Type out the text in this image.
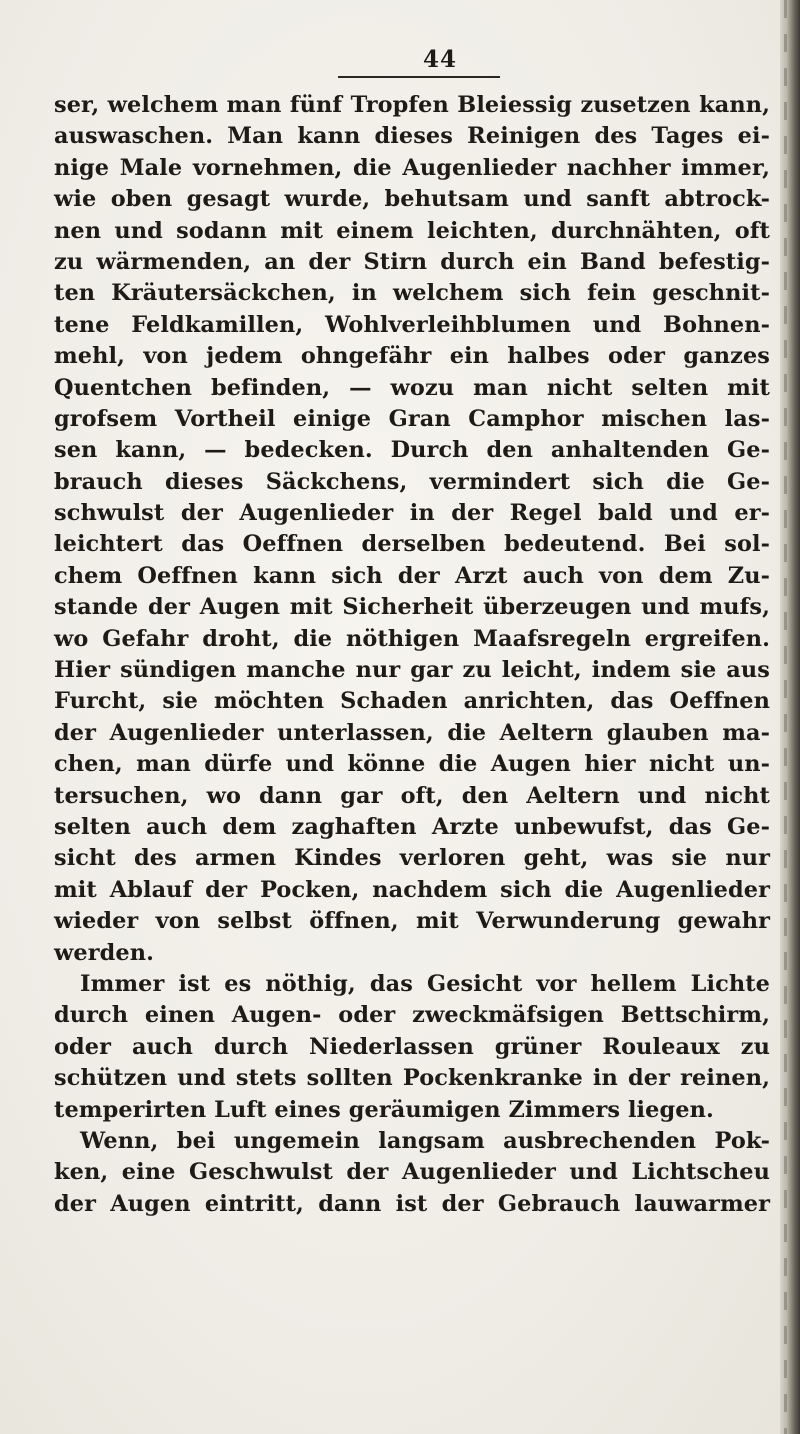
44
ser, welchem man fünf Tropfen Bleiessig zusetzen kann,
auswaschen. Man kann dieses Reinigen des Tages ei-
nige Male vornehmen, die Augenlieder nachher immer,
wie oben gesagt wurde, behutsam und sanft abtrock-
nen und sodann mit einem leichten, durchnähten, oft
zu wärmenden, an der Stirn durch ein Band befestig-
ten Kräutersäckchen, in welchem sich fein geschnit-
tene Feldkamillen, Wohlverleihblumen und Bohnen-
mehl, von jedem ohngefähr ein halbes oder ganzes
Quentchen befinden, — wozu man nicht selten mit
grofsem Vortheil einige Gran Camphor mischen las-
sen kann, — bedecken. Durch den anhaltenden Ge-
brauch dieses Säckchens, vermindert sich die Ge-
schwulst der Augenlieder in der Regel bald und er-
leichtert das Oeffnen derselben bedeutend. Bei sol-
chem Oeffnen kann sich der Arzt auch von dem Zu-
stande der Augen mit Sicherheit überzeugen und mufs,
wo Gefahr droht, die nöthigen Maafsregeln ergreifen.
Hier sündigen manche nur gar zu leicht, indem sie aus
Furcht, sie möchten Schaden anrichten, das Oeffnen
der Augenlieder unterlassen, die Aeltern glauben ma-
chen, man dürfe und könne die Augen hier nicht un-
tersuchen, wo dann gar oft, den Aeltern und nicht
selten auch dem zaghaften Arzte unbewufst, das Ge-
sicht des armen Kindes verloren geht, was sie nur
mit Ablauf der Pocken, nachdem sich die Augenlieder
wieder von selbst öffnen, mit Verwunderung gewahr
werden.
Immer ist es nöthig, das Gesicht vor hellem Lichte
durch einen Augen- oder zweckmäfsigen Bettschirm,
oder auch durch Niederlassen grüner Rouleaux zu
schützen und stets sollten Pockenkranke in der reinen,
temperirten Luft eines geräumigen Zimmers liegen.
Wenn, bei ungemein langsam ausbrechenden Pok-
ken, eine Geschwulst der Augenlieder und Lichtscheu
der Augen eintritt, dann ist der Gebrauch lauwarmer
